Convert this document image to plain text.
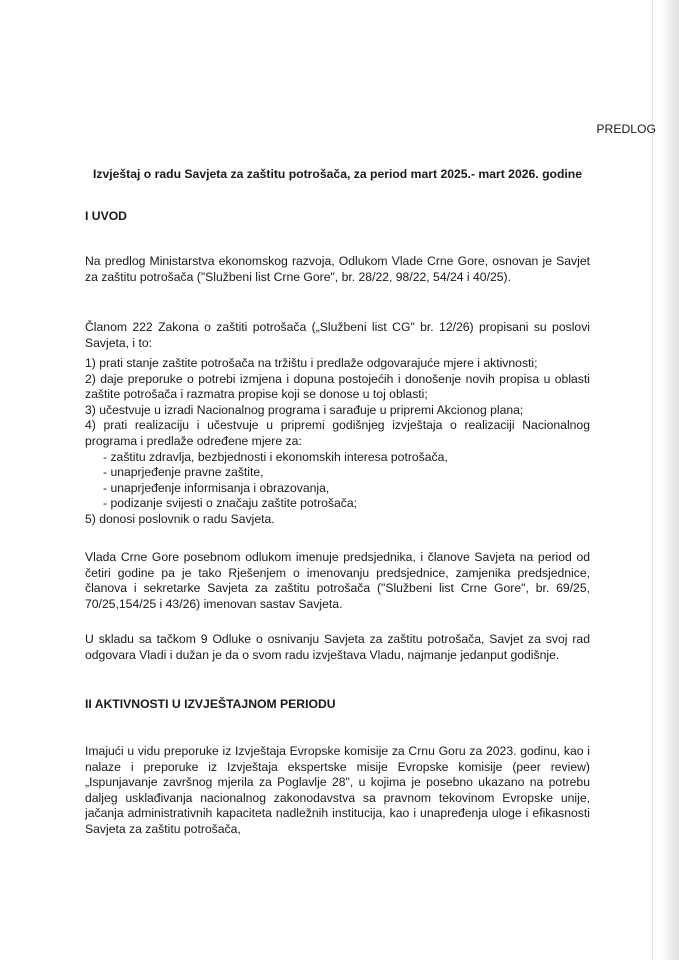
PREDLOG
Izvještaj o radu Savjeta za zaštitu potrošača, za period mart 2025.- mart 2026. godine
I UVOD
Na predlog Ministarstva ekonomskog razvoja, Odlukom Vlade Crne Gore, osnovan je Savjet za zaštitu potrošača ("Službeni list Crne Gore", br. 28/22, 98/22, 54/24 i 40/25).
Članom 222 Zakona o zaštiti potrošača („Službeni list CG" br. 12/26) propisani su poslovi Savjeta, i to:
1) prati stanje zaštite potrošača na tržištu i predlaže odgovarajuće mjere i aktivnosti;
2) daje preporuke o potrebi izmjena i dopuna postojećih i donošenje novih propisa u oblasti zaštite potrošača i razmatra propise koji se donose u toj oblasti;
3) učestvuje u izradi Nacionalnog programa i sarađuje u pripremi Akcionog plana;
4) prati realizaciju i učestvuje u pripremi godišnjeg izvještaja o realizaciji Nacionalnog programa i predlaže određene mjere za:
- zaštitu zdravlja, bezbjednosti i ekonomskih interesa potrošača,
- unaprjeđenje pravne zaštite,
- unaprjeđenje informisanja i obrazovanja,
- podizanje svijesti o značaju zaštite potrošača;
5) donosi poslovnik o radu Savjeta.
Vlada Crne Gore posebnom odlukom imenuje predsjednika, i članove Savjeta na period od četiri godine pa je tako Rješenjem o imenovanju predsjednice, zamjenika predsjednice, članova i sekretarke Savjeta za zaštitu potrošača ("Službeni list Crne Gore", br. 69/25, 70/25,154/25 i 43/26) imenovan sastav Savjeta.
U skladu sa tačkom 9 Odluke o osnivanju Savjeta za zaštitu potrošača, Savjet za svoj rad odgovara Vladi i dužan je da o svom radu izvještava Vladu, najmanje jedanput godišnje.
II AKTIVNOSTI U IZVJEŠTAJNOM PERIODU
Imajući u vidu preporuke iz Izvještaja Evropske komisije za Crnu Goru za 2023. godinu, kao i nalaze i preporuke iz Izvještaja ekspertske misije Evropske komisije (peer review) „Ispunjavanje završnog mjerila za Poglavlje 28", u kojima je posebno ukazano na potrebu daljeg usklađivanja nacionalnog zakonodavstva sa pravnom tekovinom Evropske unije, jačanja administrativnih kapaciteta nadležnih institucija, kao i unapređenja uloge i efikasnosti Savjeta za zaštitu potrošača,
